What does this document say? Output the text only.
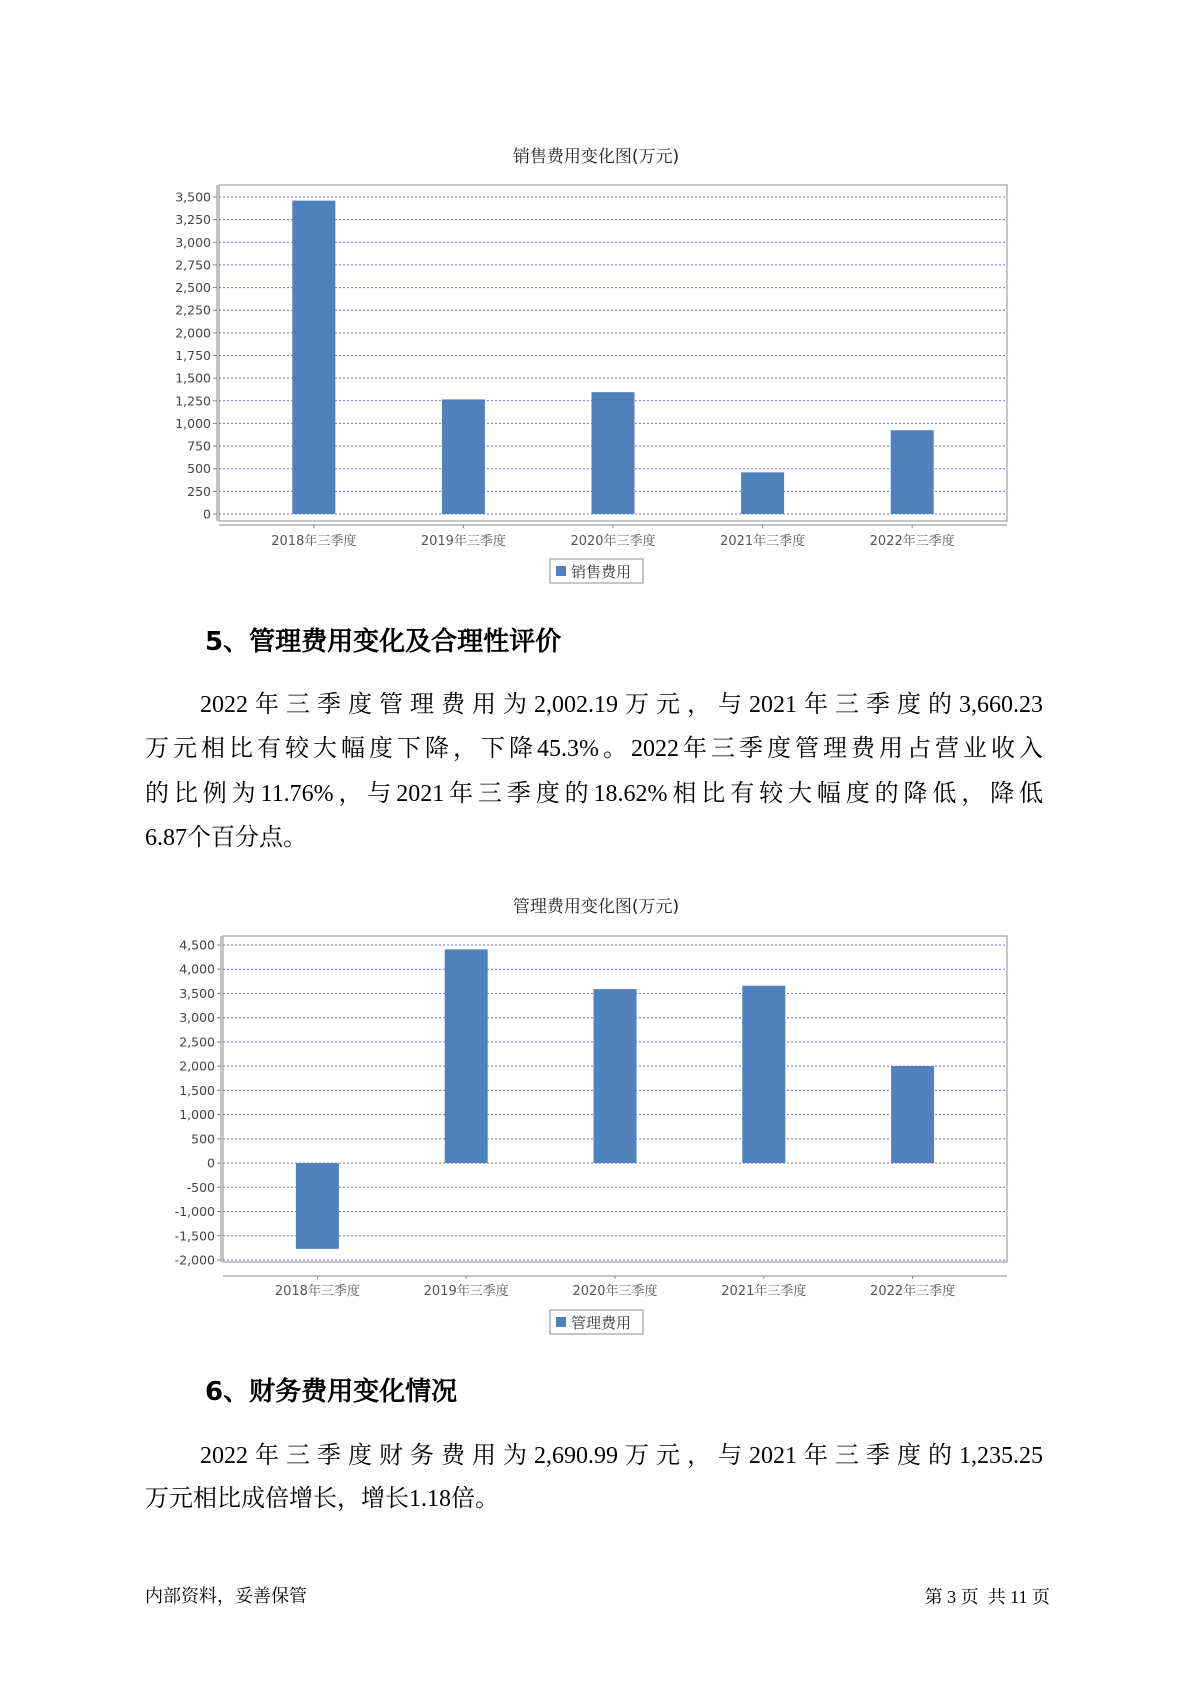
销售费用变化图(万元)
0
250
500
750
1,000
1,250
1,500
1,750
2,000
2,250
2,500
2,750
3,000
3,250
3,500
2018年三季度	2019年三季度	2020年三季度	2021年三季度	2022年三季度
销售费用
5、管理费用变化及合理性评价
2022年三季度管理费用为2,002.19万元，与2021年三季度的3,660.23
万元相比有较大幅度下降，下降45.3%。2022年三季度管理费用占营业收入
的比例为11.76%，与2021年三季度的18.62%相比有较大幅度的降低，降低
6.87个百分点。
管理费用变化图(万元)
-2,000
-1,500
-1,000
-500
0
500
1,000
1,500
2,000
2,500
3,000
3,500
4,000
4,500
2018年三季度	2019年三季度	2020年三季度	2021年三季度	2022年三季度
管理费用
6、财务费用变化情况
2022年三季度财务费用为2,690.99万元，与2021年三季度的1,235.25
万元相比成倍增长，增长1.18倍。
内部资料，妥善保管	第 3 页  共 11 页
